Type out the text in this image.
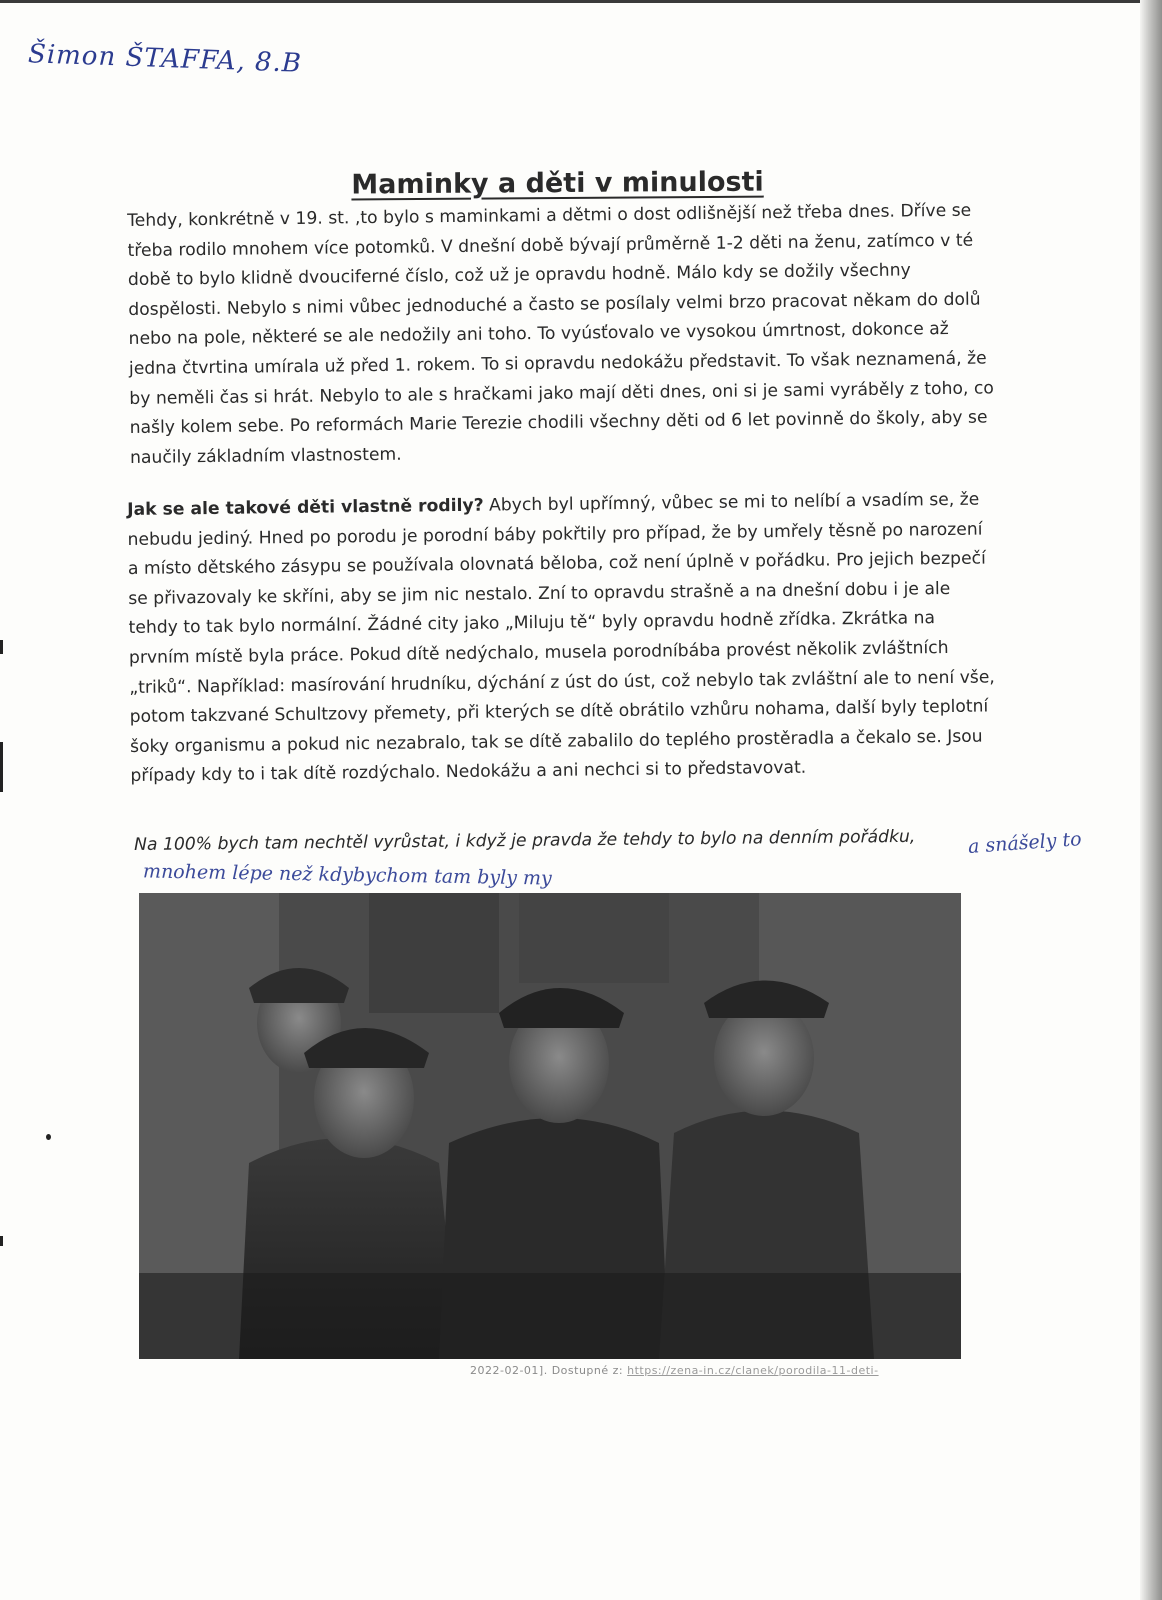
Šimon ŠTAFFA, 8.B
Maminky a děti v minulosti

Tehdy, konkrétně v 19. st. ,to bylo s maminkami a dětmi o dost odlišnější než třeba dnes. Dříve se třeba rodilo mnohem více potomků. V dnešní době bývají průměrně 1-2 děti na ženu, zatímco v té době to bylo klidně dvouciferné číslo, což už je opravdu hodně. Málo kdy se dožily všechny dospělosti. Nebylo s nimi vůbec jednoduché a často se posílaly velmi brzo pracovat někam do dolů nebo na pole, některé se ale nedožily ani toho. To vyúsťovalo ve vysokou úmrtnost, dokonce až jedna čtvrtina umírala už před 1. rokem. To si opravdu nedokážu představit. To však neznamená, že by neměli čas si hrát. Nebylo to ale s hračkami jako mají děti dnes, oni si je sami vyráběly z toho, co našly kolem sebe. Po reformách Marie Terezie chodili všechny děti od 6 let povinně do školy, aby se naučily základním vlastnostem.

Jak se ale takové děti vlastně rodily? Abych byl upřímný, vůbec se mi to nelíbí a vsadím se, že nebudu jediný. Hned po porodu je porodní báby pokřtily pro případ, že by umřely těsně po narození a místo dětského zásypu se používala olovnatá běloba, což není úplně v pořádku. Pro jejich bezpečí se přivazovaly ke skříni, aby se jim nic nestalo. Zní to opravdu strašně a na dnešní dobu i je ale tehdy to tak bylo normální. Žádné city jako „Miluju tě“ byly opravdu hodně zřídka. Zkrátka na prvním místě byla práce. Pokud dítě nedýchalo, musela porodníbába provést několik zvláštních „triků“. Například: masírování hrudníku, dýchání z úst do úst, což nebylo tak zvláštní ale to není vše, potom takzvané Schultzovy přemety, při kterých se dítě obrátilo vzhůru nohama, další byly teplotní šoky organismu a pokud nic nezabralo, tak se dítě zabalilo do teplého prostěradla a čekalo se. Jsou případy kdy to i tak dítě rozdýchalo. Nedokážu a ani nechci si to představovat.

Na 100% bych tam nechtěl vyrůstat, i když je pravda že tehdy to bylo na denním pořádku,	a snášely to
mnohem lépe než kdybychom tam byly my
2022-02-01]. Dostupné z: https://zena-in.cz/clanek/porodila-11-deti-
